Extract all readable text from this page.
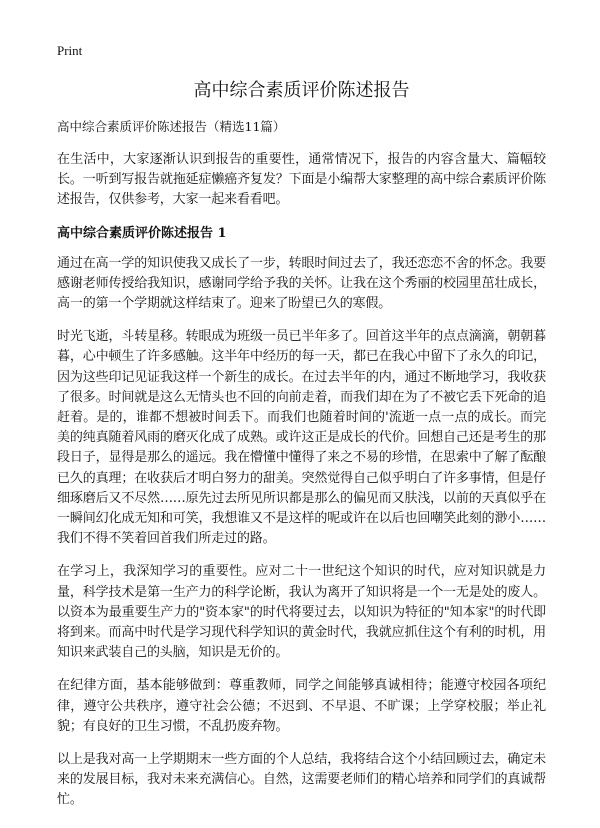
Print
高中综合素质评价陈述报告
高中综合素质评价陈述报告（精选11篇）

在生活中，大家逐渐认识到报告的重要性，通常情况下，报告的内容含量大、篇幅较长。一听到写报告就拖延症懒癌齐复发？下面是小编帮大家整理的高中综合素质评价陈述报告，仅供参考，大家一起来看看吧。

高中综合素质评价陈述报告 1

通过在高一学的知识使我又成长了一步，转眼时间过去了，我还恋恋不舍的怀念。我要感谢老师传授给我知识，感谢同学给予我的关怀。让我在这个秀丽的校园里茁壮成长，高一的第一个学期就这样结束了。迎来了盼望已久的寒假。

时光飞逝，斗转星移。转眼成为班级一员已半年多了。回首这半年的点点滴滴，朝朝暮暮，心中顿生了许多感触。这半年中经历的每一天，都已在我心中留下了永久的印记，因为这些印记见证我这样一个新生的成长。在过去半年的内，通过不断地学习，我收获了很多。时间就是这么无情头也不回的向前走着，而我们却在为了不被它丢下死命的追赶着。是的，谁都不想被时间丢下。而我们也随着时间的'流逝一点一点的成长。而完美的纯真随着风雨的磨灭化成了成熟。或许这正是成长的代价。回想自己还是考生的那段日子，显得是那么的遥远。我在懵懂中懂得了来之不易的珍惜，在思索中了解了酝酿已久的真理；在收获后才明白努力的甜美。突然觉得自己似乎明白了许多事情，但是仔细琢磨后又不尽然……原先过去所见所识都是那么的偏见而又肤浅，以前的天真似乎在一瞬间幻化成无知和可笑，我想谁又不是这样的呢或许在以后也回嘲笑此刻的渺小……我们不得不笑着回首我们所走过的路。

在学习上，我深知学习的重要性。应对二十一世纪这个知识的时代，应对知识就是力量，科学技术是第一生产力的科学论断，我认为离开了知识将是一个一无是处的废人。以资本为最重要生产力的"资本家"的时代将要过去，以知识为特征的"知本家"的时代即将到来。而高中时代是学习现代科学知识的黄金时代，我就应抓住这个有利的时机，用知识来武装自己的头脑，知识是无价的。

在纪律方面，基本能够做到：尊重教师，同学之间能够真诚相待；能遵守校园各项纪律，遵守公共秩序，遵守社会公德；不迟到、不早退、不旷课；上学穿校服；举止礼貌；有良好的卫生习惯，不乱扔废弃物。

以上是我对高一上学期期末一些方面的个人总结，我将结合这个小结回顾过去，确定未来的发展目标，我对未来充满信心。自然，这需要老师们的精心培养和同学们的真诚帮忙。
